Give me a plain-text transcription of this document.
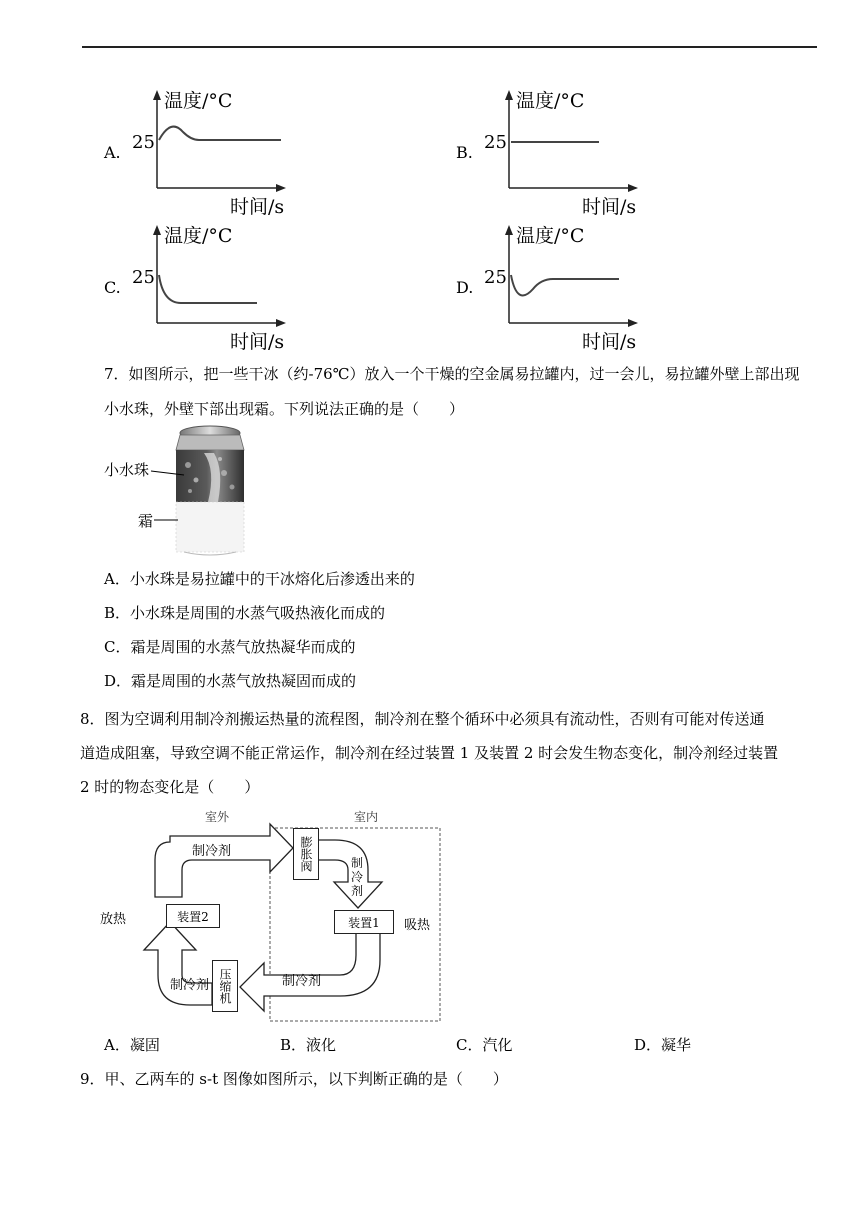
A.
温度/°C
时间/s
25	B.
温度/°C
时间/s
25
C.
温度/°C
时间/s
25	D.
温度/°C
时间/s
25
7．如图所示，把一些干冰（约-76℃）放入一个干燥的空金属易拉罐内，过一会儿，易拉罐外壁上部出现
小水珠，外壁下部出现霜。下列说法正确的是（　　）
小水珠
霜
A．小水珠是易拉罐中的干冰熔化后渗透出来的
B．小水珠是周围的水蒸气吸热液化而成的
C．霜是周围的水蒸气放热凝华而成的
D．霜是周围的水蒸气放热凝固而成的
8．图为空调利用制冷剂搬运热量的流程图，制冷剂在整个循环中必须具有流动性，否则有可能对传送通
道造成阻塞，导致空调不能正常运作，制冷剂在经过装置 1 及装置 2 时会发生物态变化，制冷剂经过装置
2 时的物态变化是（　　）
室外	室内
制冷剂	膨胀阀	制冷剂
装置1	吸热
装置2
放热
压缩机
制冷剂	制冷剂
A．凝固	B．液化	C．汽化	D．凝华
9．甲、乙两车的 s-t 图像如图所示，以下判断正确的是（　　）
